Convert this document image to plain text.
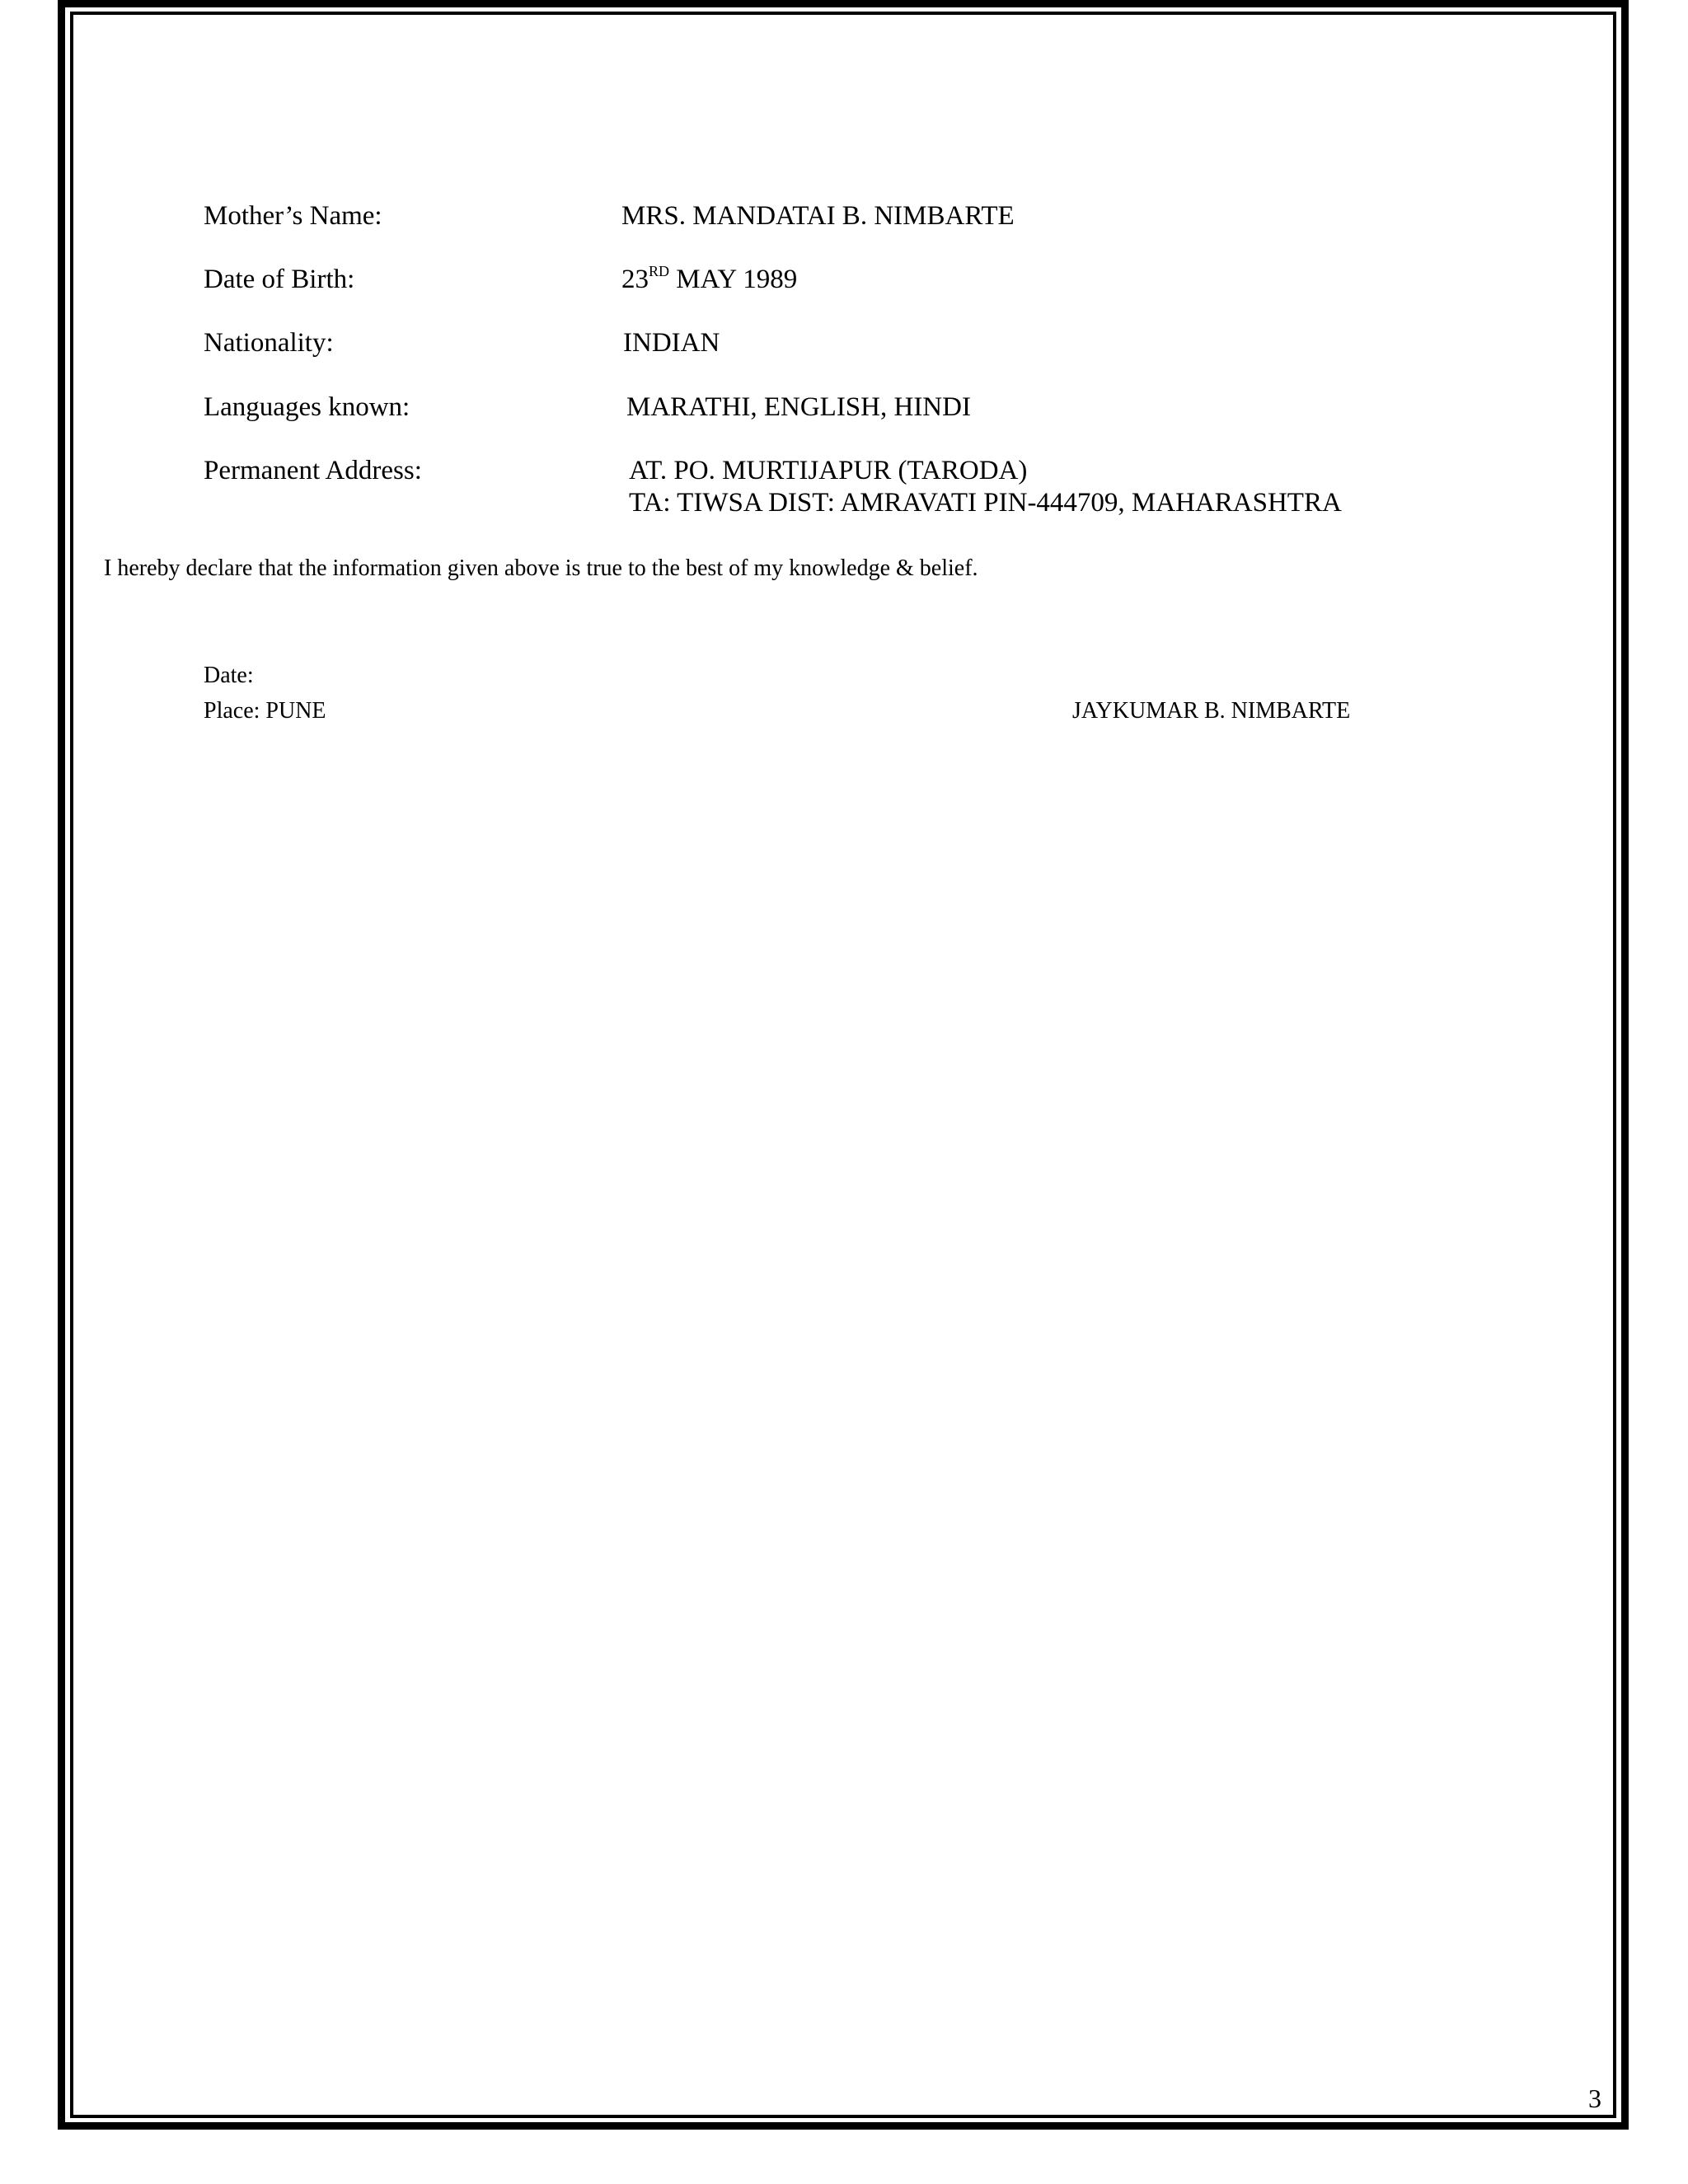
Mother’s Name:	MRS. MANDATAI B. NIMBARTE
Date of Birth:	23RD MAY 1989
Nationality:	INDIAN
Languages known:	MARATHI, ENGLISH, HINDI
Permanent Address:	AT. PO. MURTIJAPUR (TARODA)
TA: TIWSA DIST: AMRAVATI PIN-444709, MAHARASHTRA
I hereby declare that the information given above is true to the best of my knowledge & belief.
Date:
Place: PUNE	JAYKUMAR B. NIMBARTE
3
